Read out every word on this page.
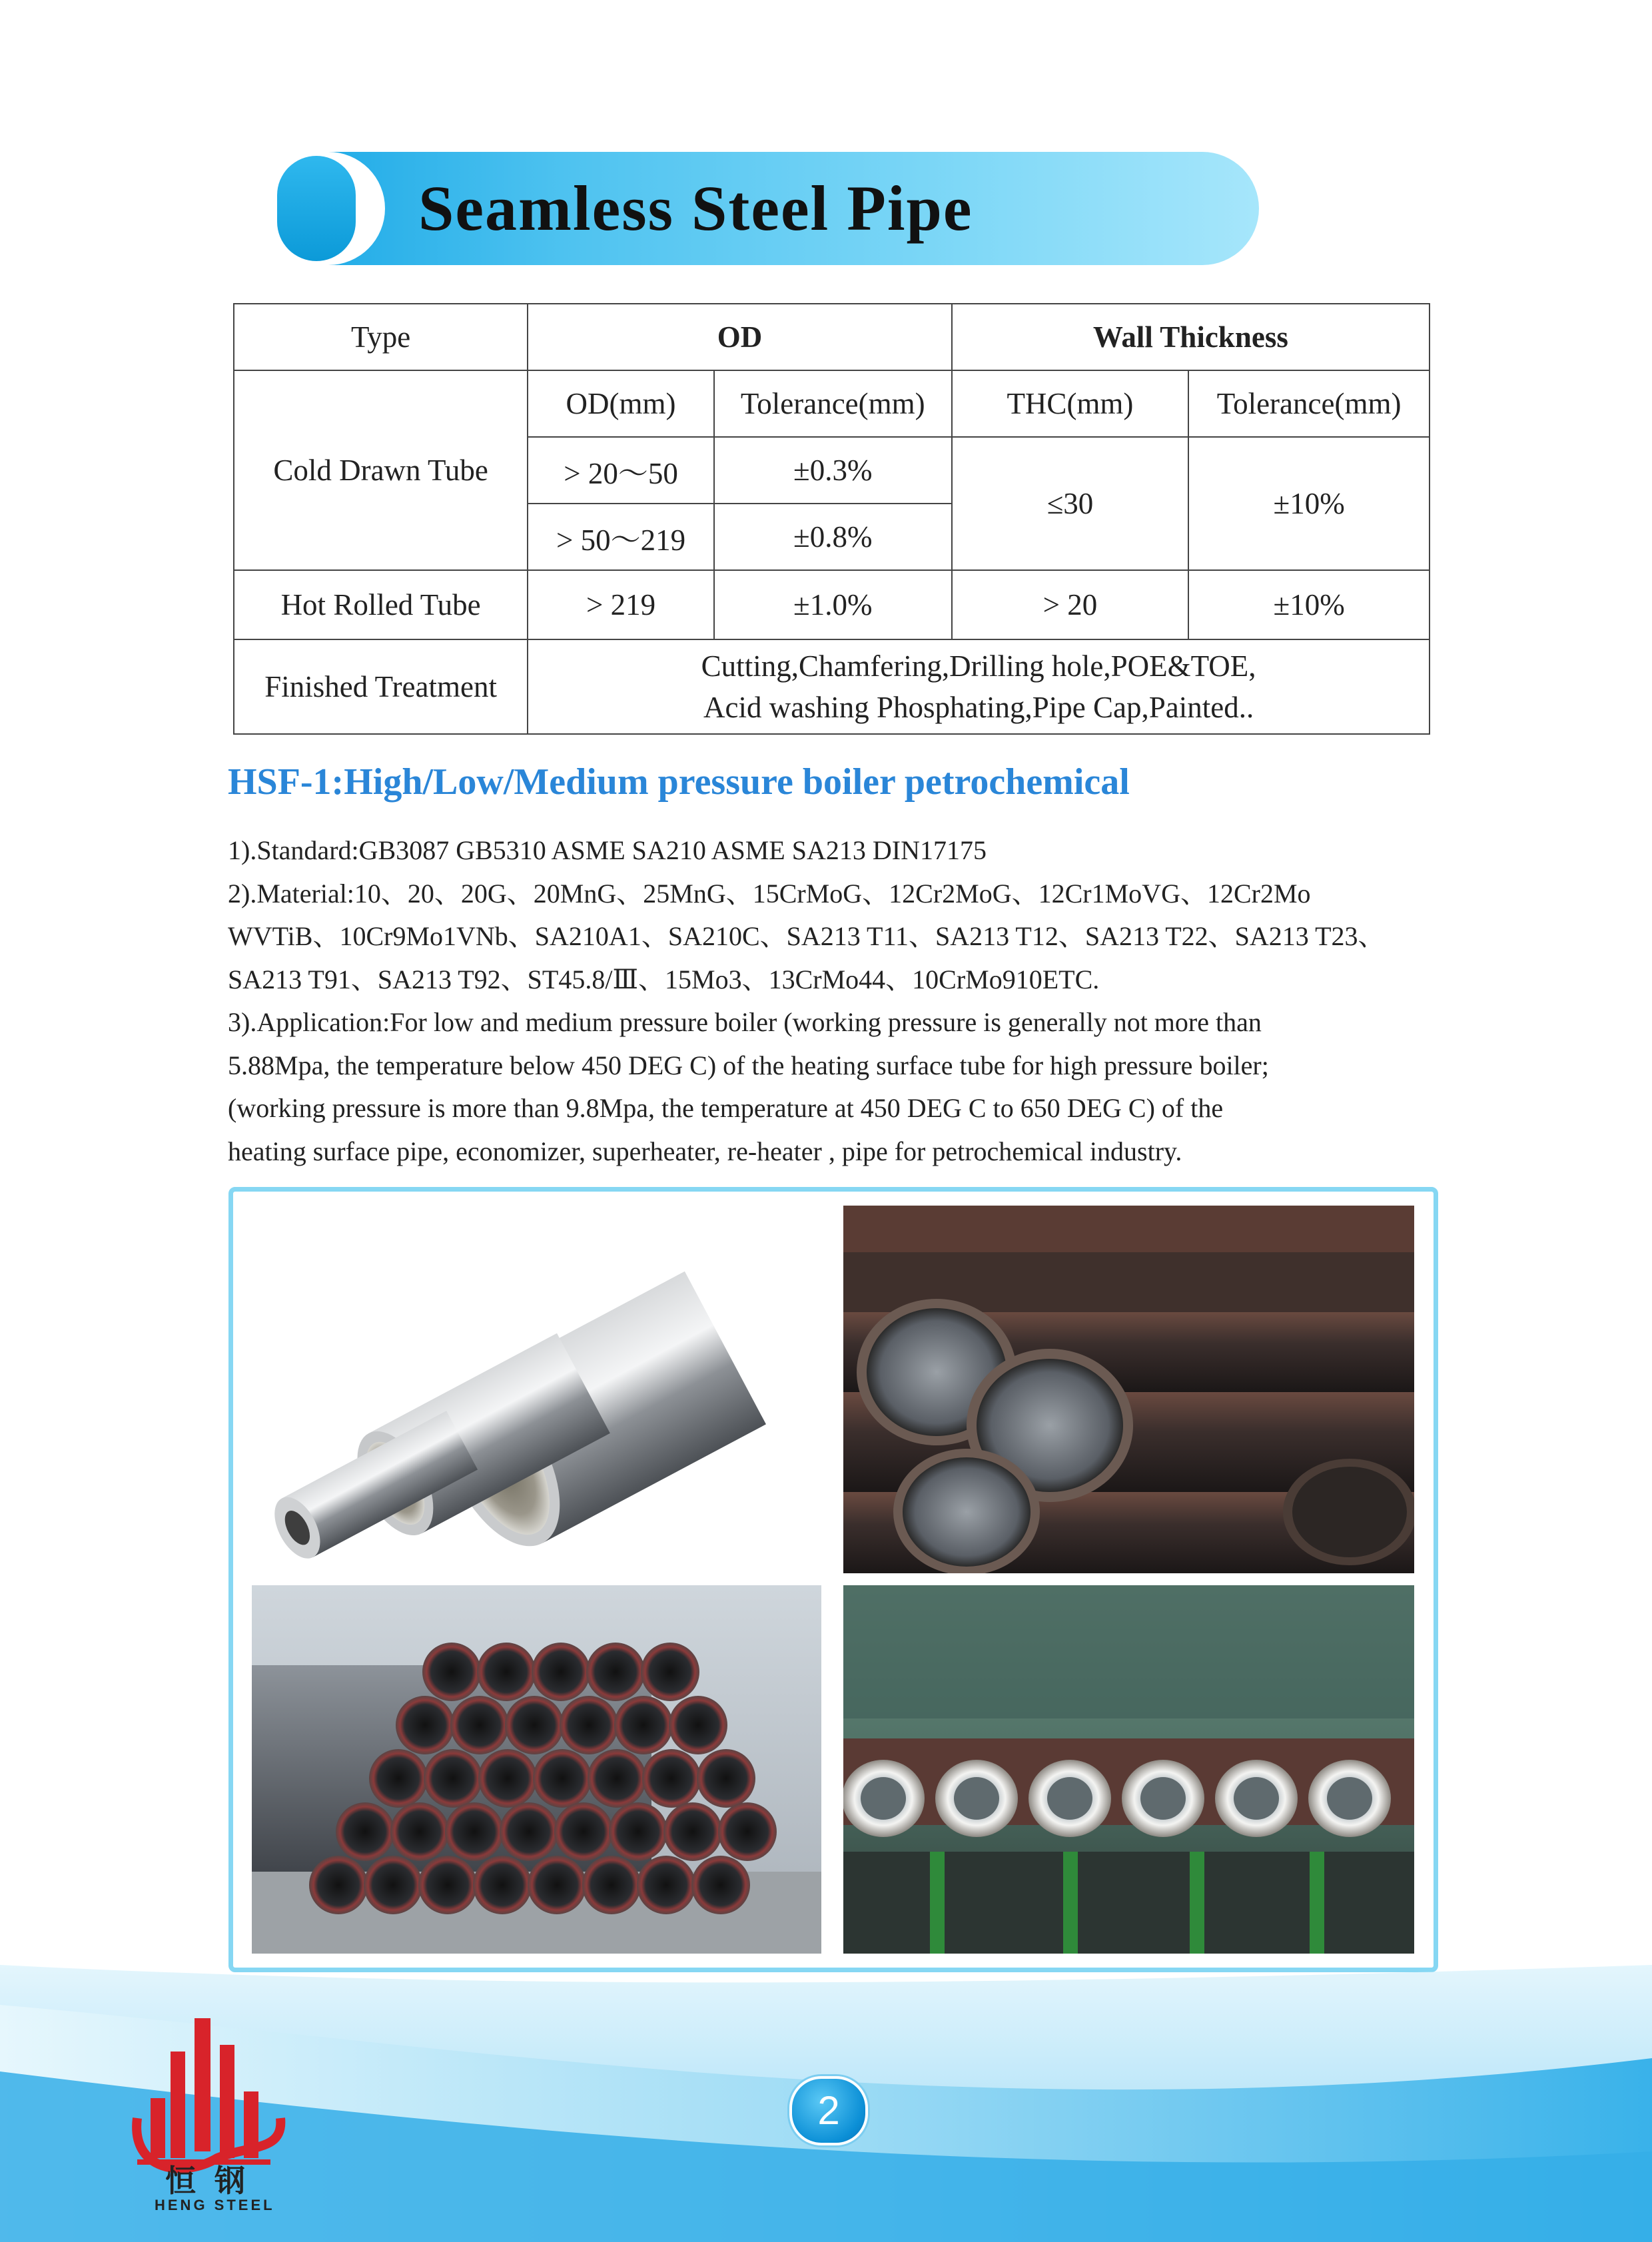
Seamless Steel Pipe
Type	OD		Wall Thickness	
Cold Drawn Tube	OD(mm)	Tolerance(mm)	THC(mm)	Tolerance(mm)
	> 20～50	±0.3%	≤30	±10%
	> 50～219	±0.8%		
Hot Rolled Tube	> 219	±1.0%	> 20	±10%
Finished Treatment	Cutting,Chamfering,Drilling hole,POE&TOE,
Acid washing Phosphating,Pipe Cap,Painted..			
HSF-1:High/Low/Medium pressure boiler petrochemical

1).Standard:GB3087 GB5310 ASME SA210 ASME SA213 DIN17175

2).Material:10、20、20G、20MnG、25MnG、15CrMoG、12Cr2MoG、12Cr1MoVG、12Cr2Mo

WVTiB、10Cr9Mo1VNb、SA210A1、SA210C、SA213 T11、SA213 T12、SA213 T22、SA213 T23、

SA213 T91、SA213 T92、ST45.8/Ⅲ、15Mo3、13CrMo44、10CrMo910ETC.

3).Application:For low and medium pressure boiler (working pressure is generally not more than

5.88Mpa, the temperature below 450 DEG C) of the heating surface tube for high pressure boiler;

(working pressure is more than 9.8Mpa, the temperature at 450 DEG C to 650 DEG C) of the

heating surface pipe, economizer, superheater, re-heater , pipe for petrochemical industry.

恒钢
HENG STEEL
2
